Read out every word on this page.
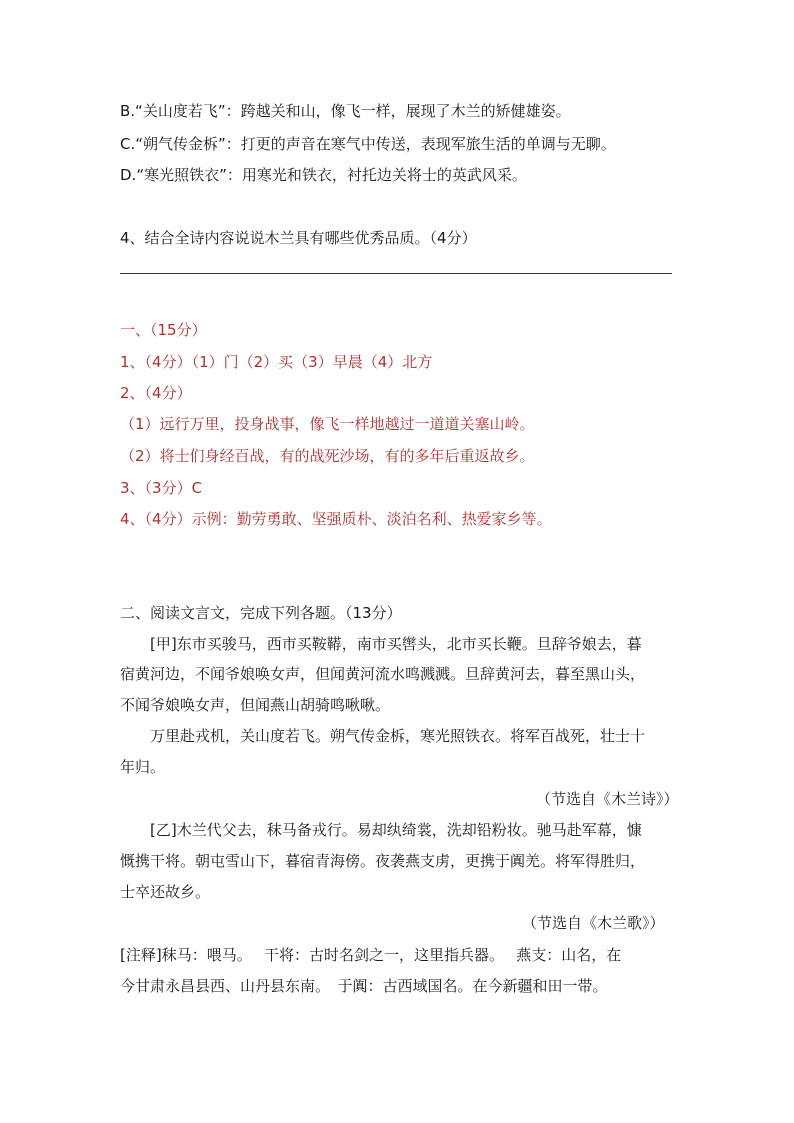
B.“关山度若飞”：跨越关和山，像飞一样，展现了木兰的矫健雄姿。
C.“朔气传金柝”：打更的声音在寒气中传送，表现军旅生活的单调与无聊。
D.“寒光照铁衣”：用寒光和铁衣，衬托边关将士的英武风采。
4、结合全诗内容说说木兰具有哪些优秀品质。（4分）
一、（15分）
1、（4分）（1）门（2）买（3）早晨（4）北方
2、（4分）
（1）远行万里，投身战事，像飞一样地越过一道道关塞山岭。
（2）将士们身经百战，有的战死沙场，有的多年后重返故乡。
3、（3分）C
4、（4分）示例：勤劳勇敢、坚强质朴、淡泊名利、热爱家乡等。
二、阅读文言文，完成下列各题。（13分）
[甲]东市买骏马，西市买鞍鞯，南市买辔头，北市买长鞭。旦辞爷娘去，暮
宿黄河边，不闻爷娘唤女声，但闻黄河流水鸣溅溅。旦辞黄河去，暮至黑山头，
不闻爷娘唤女声，但闻燕山胡骑鸣啾啾。
万里赴戎机，关山度若飞。朔气传金柝，寒光照铁衣。将军百战死，壮士十
年归。
（节选自《木兰诗》）
[乙]木兰代父去，秣马备戎行。易却纨绮裳，洗却铅粉妆。驰马赴军幕，慷
慨携干将。朝屯雪山下，暮宿青海傍。夜袭燕支虏，更携于阗羌。将军得胜归，
士卒还故乡。
（节选自《木兰歌》）
[注释]秣马：喂马。　 干将：古时名剑之一，这里指兵器。　 燕支：山名，在
今甘肃永昌县西、山丹县东南。　于阗：古西域国名。在今新疆和田一带。
